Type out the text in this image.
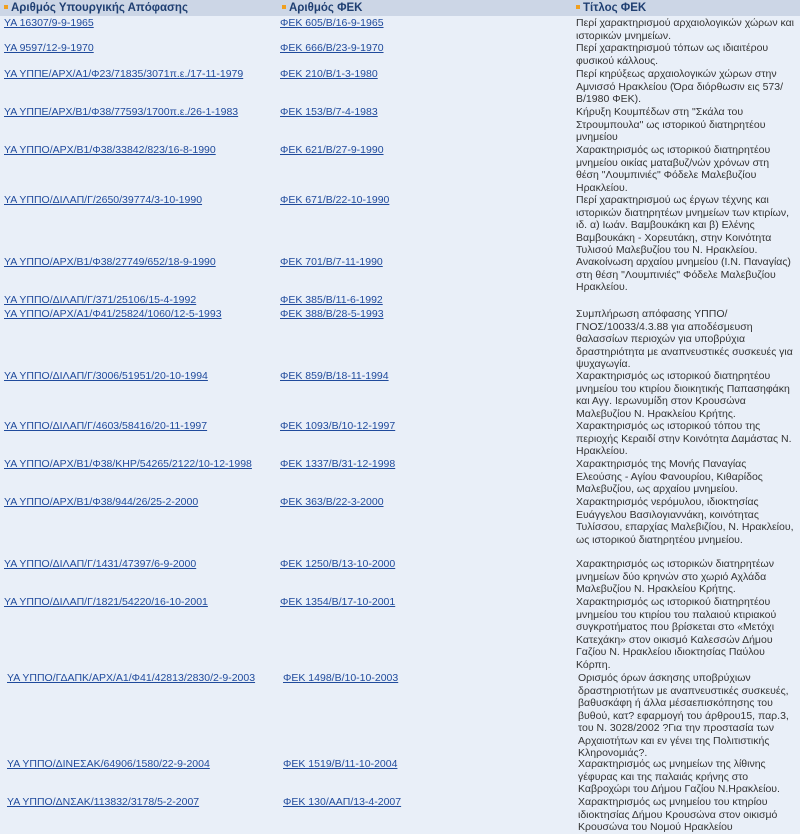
Αριθμός Υπουργικής Απόφασης	Αριθμός ΦΕΚ	Τίτλος ΦΕΚ
ΥΑ 16307/9-9-1965	ΦΕΚ 605/Β/16-9-1965	Περί χαρακτηρισμού αρχαιολογικών χώρων και ιστορικών μνημείων.
ΥΑ 9597/12-9-1970	ΦΕΚ 666/Β/23-9-1970	Περί χαρακτηρισμού τόπων ως ιδιαιτέρου φυσικού κάλλους.
ΥΑ ΥΠΠΕ/ΑΡΧ/Α1/Φ23/71835/3071π.ε./17-11-1979	ΦΕΚ 210/Β/1-3-1980	Περί κηρύξεως αρχαιολογικών χώρων στην Αμνισσό Ηρακλείου (Όρα διόρθωσιν εις 573/Β/1980 ΦΕΚ).
ΥΑ ΥΠΠΕ/ΑΡΧ/Β1/Φ38/77593/1700π.ε./26-1-1983	ΦΕΚ 153/Β/7-4-1983	Κήρυξη Κουμπέδων στη "Σκάλα του Στρουμπουλα" ως ιστορικού διατηρητέου μνημείου
ΥΑ ΥΠΠΟ/ΑΡΧ/Β1/Φ38/33842/823/16-8-1990	ΦΕΚ 621/Β/27-9-1990	Χαρακτηρισμός ως ιστορικού διατηρητέου μνημείου οικίας ματαβυζ/νών χρόνων στη θέση "Λουμπινιές" Φόδελε Μαλεβυζίου Ηρακλείου.
ΥΑ ΥΠΠΟ/ΔΙΛΑΠ/Γ/2650/39774/3-10-1990	ΦΕΚ 671/Β/22-10-1990	Περί χαρακτηρισμού ως έργων τέχνης και ιστορικών διατηρητέων μνημείων των κτιρίων, ιδ. α) Ιωάν. Βαμβουκάκη και β) Ελένης Βαμβουκάκη - Χορευτάκη, στην Κοινότητα Τυλισού Μαλεβυζίου του Ν. Ηρακλείου.
ΥΑ ΥΠΠΟ/ΑΡΧ/Β1/Φ38/27749/652/18-9-1990	ΦΕΚ 701/Β/7-11-1990	Ανακοίνωση αρχαίου μνημείου (Ι.Ν. Παναγίας) στη θέση "Λουμπινιές" Φόδελε Μαλεβυζίου Ηρακλείου.
ΥΑ ΥΠΠΟ/ΔΙΛΑΠ/Γ/371/25106/15-4-1992	ΦΕΚ 385/Β/11-6-1992
ΥΑ ΥΠΠΟ/ΑΡΧ/Α1/Φ41/25824/1060/12-5-1993	ΦΕΚ 388/Β/28-5-1993	Συμπλήρωση απόφασης ΥΠΠΟ/ΓΝΟΣ/10033/4.3.88 για αποδέσμευση θαλασσίων περιοχών για υποβρύχια δραστηριότητα με αναπνευστικές συσκευές για ψυχαγωγία.
ΥΑ ΥΠΠΟ/ΔΙΛΑΠ/Γ/3006/51951/20-10-1994	ΦΕΚ 859/Β/18-11-1994	Χαρακτηρισμός ως ιστορικού διατηρητέου μνημείου του κτιρίου διοικητικής Παπασηφάκη και Αγγ. Ιερωνυμίδη στον Κρουσώνα Μαλεβυζίου Ν. Ηρακλείου Κρήτης.
ΥΑ ΥΠΠΟ/ΔΙΛΑΠ/Γ/4603/58416/20-11-1997	ΦΕΚ 1093/Β/10-12-1997	Χαρακτηρισμός ως ιστορικού τόπου της περιοχής Κεραιδί στην Κοινότητα Δαμάστας Ν. Ηρακλείου.
ΥΑ ΥΠΠΟ/ΑΡΧ/Β1/Φ38/ΚΗΡ/54265/2122/10-12-1998	ΦΕΚ 1337/Β/31-12-1998	Χαρακτηρισμός της Μονής Παναγίας Ελεούσης - Αγίου Φανουρίου, Κιθαρίδος Μαλεβυζίου, ως αρχαίου μνημείου.
ΥΑ ΥΠΠΟ/ΑΡΧ/Β1/Φ38/944/26/25-2-2000	ΦΕΚ 363/Β/22-3-2000	Χαρακτηρισμός νερόμυλου, ιδιοκτησίας Ευάγγελου Βασιλογιαννάκη, κοινότητας Τυλίσσου, επαρχίας Μαλεβιζίου, Ν. Ηρακλείου, ως ιστορικού διατηρητέου μνημείου.
ΥΑ ΥΠΠΟ/ΔΙΛΑΠ/Γ/1431/47397/6-9-2000	ΦΕΚ 1250/Β/13-10-2000	Χαρακτηρισμός ως ιστορικών διατηρητέων μνημείων δύο κρηνών στο χωριό Αχλάδα Μαλεβυζίου Ν. Ηρακλείου Κρήτης.
ΥΑ ΥΠΠΟ/ΔΙΛΑΠ/Γ/1821/54220/16-10-2001	ΦΕΚ 1354/Β/17-10-2001	Χαρακτηρισμός ως ιστορικού διατηρητέου μνημείου του κτιρίου του παλαιού κτιριακού συγκροτήματος που βρίσκεται στο «Μετόχι Κατεχάκη» στον οικισμό Καλεσσών Δήμου Γαζίου Ν. Ηρακλείου ιδιοκτησίας Παύλου Κόρπη.
ΥΑ ΥΠΠΟ/ΓΔΑΠΚ/ΑΡΧ/Α1/Φ41/42813/2830/2-9-2003	ΦΕΚ 1498/Β/10-10-2003	Ορισμός όρων άσκησης υποβρύχιων δραστηριοτήτων με αναπνευστικές συσκευές, βαθυσκάφη ή άλλα μέσαεπισκόπησης του βυθού, κατ? εφαρμογή του άρθρου15, παρ.3, του Ν. 3028/2002 ?Για την προστασία των Αρχαιοτήτων και εν γένει της Πολιτιστικής Κληρονομιάς?.
ΥΑ ΥΠΠΟ/ΔΙΝΕΣΑΚ/64906/1580/22-9-2004	ΦΕΚ 1519/Β/11-10-2004	Χαρακτηρισμός ως μνημείων της λίθινης γέφυρας και της παλαιάς κρήνης στο Καβροχώρι του Δήμου Γαζίου Ν.Ηρακλείου.
ΥΑ ΥΠΠΟ/ΔΝΣΑΚ/113832/3178/5-2-2007	ΦΕΚ 130/ΑΑΠ/13-4-2007	Χαρακτηρισμός ως μνημείου του κτηρίου ιδιοκτησίας Δήμου Κρουσώνα στον οικισμό Κρουσώνα του Νομού Ηρακλείου
